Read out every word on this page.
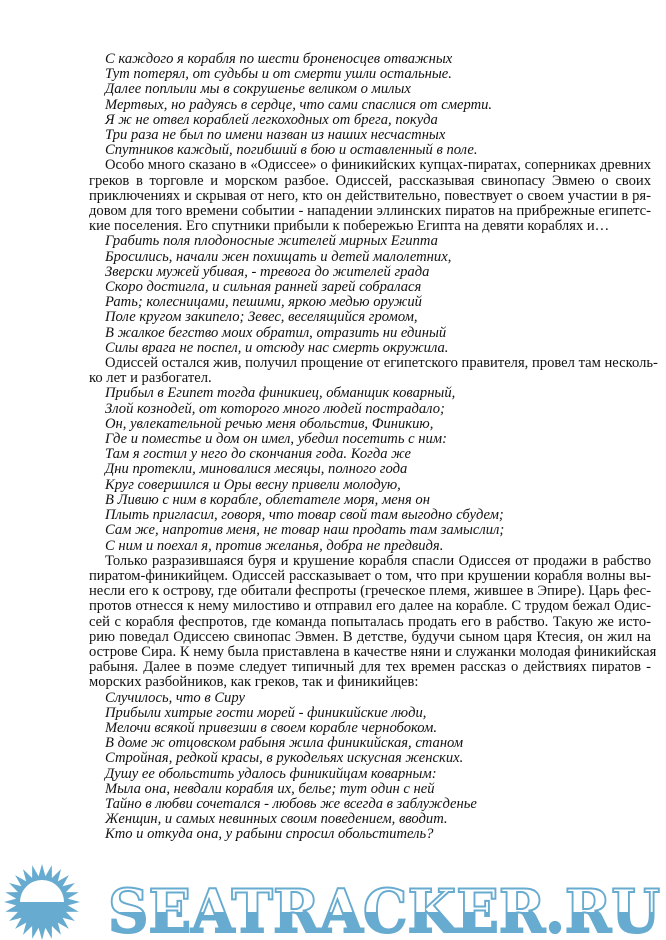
С каждого я корабля по шести броненосцев отважных
Тут потерял, от судьбы и от смерти ушли остальные.
Далее поплыли мы в сокрушенье великом о милых
Мертвых, но радуясь в сердце, что сами спаслися от смерти.
Я ж не отвел кораблей легкоходных от брега, покуда
Три раза не был по имени назван из наших несчастных
Спутников каждый, погибший в бою и оставленный в поле.
Особо много сказано в «Одиссее» о финикийских купцах-пиратах, соперниках древних
греков в торговле и морском разбое. Одиссей, рассказывая свинопасу Эвмею о своих
приключениях и скрывая от него, кто он действительно, повествует о своем участии в ря-
довом для того времени событии - нападении эллинских пиратов на прибрежные египетс-
кие поселения. Его спутники прибыли к побережью Египта на девяти кораблях и…
Грабить поля плодоносные жителей мирных Египта
Бросились, начали жен похищать и детей малолетних,
Зверски мужей убивая, - тревога до жителей града
Скоро достигла, и сильная ранней зарей собралася
Рать; колесницами, пешими, яркою медью оружий
Поле кругом закипело; Зевес, веселящийся громом,
В жалкое бегство моих обратил, отразить ни единый
Силы врага не поспел, и отсюду нас смерть окружила.
Одиссей остался жив, получил прощение от египетского правителя, провел там несколь-
ко лет и разбогател.
Прибыл в Египет тогда финикиец, обманщик коварный,
Злой кознодей, от которого много людей пострадало;
Он, увлекательной речью меня обольстив, Финикию,
Где и поместье и дом он имел, убедил посетить с ним:
Там я гостил у него до скончания года. Когда же
Дни протекли, миновалися месяцы, полного года
Круг совершился и Оры весну привели молодую,
В Ливию с ним в корабле, облетателе моря, меня он
Плыть пригласил, говоря, что товар свой там выгодно сбудем;
Сам же, напротив меня, не товар наш продать там замыслил;
С ним и поехал я, против желанья, добра не предвидя.
Только разразившаяся буря и крушение корабля спасли Одиссея от продажи в рабство
пиратом-финикийцем. Одиссей рассказывает о том, что при крушении корабля волны вы-
несли его к острову, где обитали феспроты (греческое племя, жившее в Эпире). Царь фес-
протов отнесся к нему милостиво и отправил его далее на корабле. С трудом бежал Одис-
сей с корабля феспротов, где команда попыталась продать его в рабство. Такую же исто-
рию поведал Одиссею свинопас Эвмен. В детстве, будучи сыном царя Ктесия, он жил на
острове Сира. К нему была приставлена в качестве няни и служанки молодая финикийская
рабыня. Далее в поэме следует типичный для тех времен рассказ о действиях пиратов -
морских разбойников, как греков, так и финикийцев:
Случилось, что в Сиру
Прибыли хитрые гости морей - финикийские люди,
Мелочи всякой привезши в своем корабле чернобоком.
В доме ж отцовском рабыня жила финикийская, станом
Стройная, редкой красы, в рукодельях искусная женских.
Душу ее обольстить удалось финикийцам коварным:
Мыла она, невдали корабля их, белье; тут один с ней
Тайно в любви сочетался - любовь же всегда в заблужденье
Женщин, и самых невинных своим поведением, вводит.
Кто и откуда она, у рабыни спросил обольститель?
SEATRACKER.RU
